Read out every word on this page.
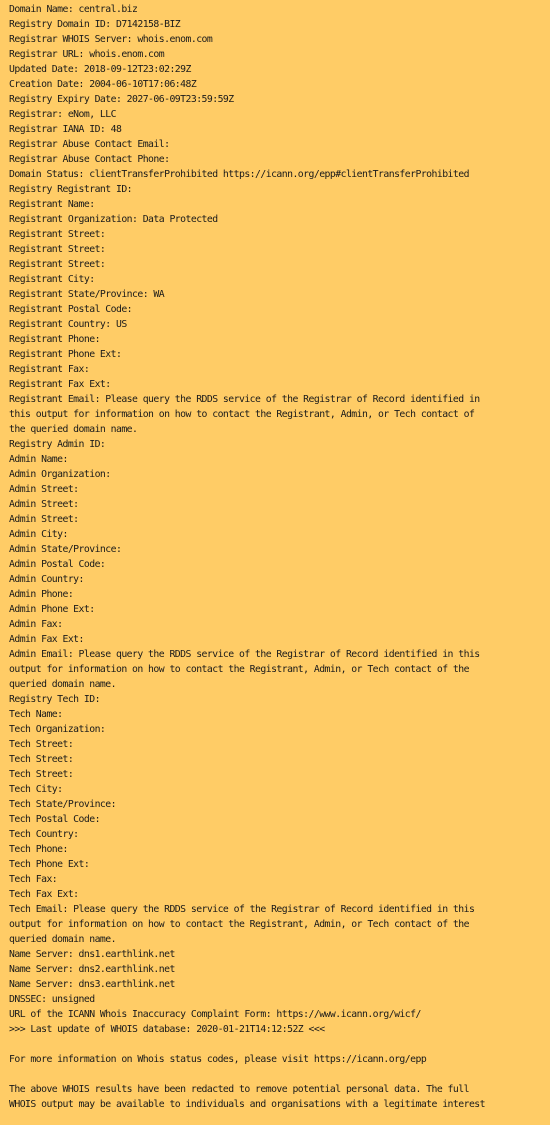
Domain Name: central.biz
Registry Domain ID: D7142158-BIZ
Registrar WHOIS Server: whois.enom.com
Registrar URL: whois.enom.com
Updated Date: 2018-09-12T23:02:29Z
Creation Date: 2004-06-10T17:06:48Z
Registry Expiry Date: 2027-06-09T23:59:59Z
Registrar: eNom, LLC
Registrar IANA ID: 48
Registrar Abuse Contact Email:
Registrar Abuse Contact Phone:
Domain Status: clientTransferProhibited https://icann.org/epp#clientTransferProhibited
Registry Registrant ID:
Registrant Name:
Registrant Organization: Data Protected
Registrant Street:
Registrant Street:
Registrant Street:
Registrant City:
Registrant State/Province: WA
Registrant Postal Code:
Registrant Country: US
Registrant Phone:
Registrant Phone Ext:
Registrant Fax:
Registrant Fax Ext:
Registrant Email: Please query the RDDS service of the Registrar of Record identified in
this output for information on how to contact the Registrant, Admin, or Tech contact of
the queried domain name.
Registry Admin ID:
Admin Name:
Admin Organization:
Admin Street:
Admin Street:
Admin Street:
Admin City:
Admin State/Province:
Admin Postal Code:
Admin Country:
Admin Phone:
Admin Phone Ext:
Admin Fax:
Admin Fax Ext:
Admin Email: Please query the RDDS service of the Registrar of Record identified in this
output for information on how to contact the Registrant, Admin, or Tech contact of the
queried domain name.
Registry Tech ID:
Tech Name:
Tech Organization:
Tech Street:
Tech Street:
Tech Street:
Tech City:
Tech State/Province:
Tech Postal Code:
Tech Country:
Tech Phone:
Tech Phone Ext:
Tech Fax:
Tech Fax Ext:
Tech Email: Please query the RDDS service of the Registrar of Record identified in this
output for information on how to contact the Registrant, Admin, or Tech contact of the
queried domain name.
Name Server: dns1.earthlink.net
Name Server: dns2.earthlink.net
Name Server: dns3.earthlink.net
DNSSEC: unsigned
URL of the ICANN Whois Inaccuracy Complaint Form: https://www.icann.org/wicf/
>>> Last update of WHOIS database: 2020-01-21T14:12:52Z <<<
For more information on Whois status codes, please visit https://icann.org/epp
The above WHOIS results have been redacted to remove potential personal data. The full
WHOIS output may be available to individuals and organisations with a legitimate interest
